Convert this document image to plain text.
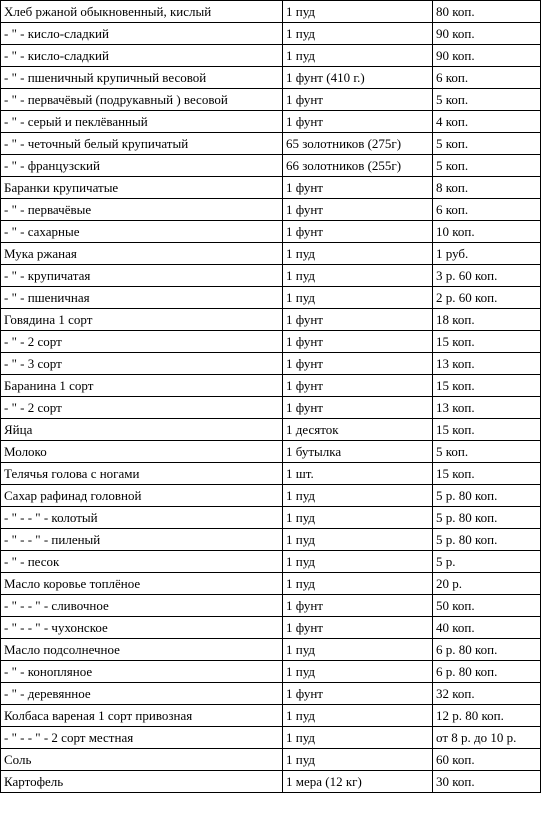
Хлеб ржаной обыкновенный, кислый	1 пуд	80 коп.
- " - кисло-сладкий	1 пуд	90 коп.
- " - кисло-сладкий	1 пуд	90 коп.
- " - пшеничный крупичный весовой	1 фунт (410 г.)	6 коп.
- " - первачёвый (подрукавный ) весовой	1 фунт	5 коп.
- " - серый и пеклёванный	1 фунт	4 коп.
- " - четочный белый крупичатый	65 золотников (275г)	5 коп.
- " - французский	66 золотников (255г)	5 коп.
Баранки крупичатые	1 фунт	8 коп.
- " - первачёвые	1 фунт	6 коп.
- " - сахарные	1 фунт	10 коп.
Мука ржаная	1 пуд	1 руб.
- " - крупичатая	1 пуд	3 р. 60 коп.
- " - пшеничная	1 пуд	2 р. 60 коп.
Говядина 1 сорт	1 фунт	18 коп.
- " - 2 сорт	1 фунт	15 коп.
- " - 3 сорт	1 фунт	13 коп.
Баранина 1 сорт	1 фунт	15 коп.
- " - 2 сорт	1 фунт	13 коп.
Яйца	1 десяток	15 коп.
Молоко	1 бутылка	5 коп.
Телячья голова с ногами	1 шт.	15 коп.
Сахар рафинад головной	1 пуд	5 р. 80 коп.
- " - - " - колотый	1 пуд	5 р. 80 коп.
- " - - " - пиленый	1 пуд	5 р. 80 коп.
- " - песок	1 пуд	5 р.
Масло коровье топлёное	1 пуд	20 р.
- " - - " - сливочное	1 фунт	50 коп.
- " - - " - чухонское	1 фунт	40 коп.
Масло подсолнечное	1 пуд	6 р. 80 коп.
- " - конопляное	1 пуд	6 р. 80 коп.
- " - деревянное	1 фунт	32 коп.
Колбаса вареная 1 сорт привозная	1 пуд	12 р. 80 коп.
- " - - " - 2 сорт местная	1 пуд	от 8 р. до 10 р.
Соль	1 пуд	60 коп.
Картофель	1 мера (12 кг)	30 коп.
